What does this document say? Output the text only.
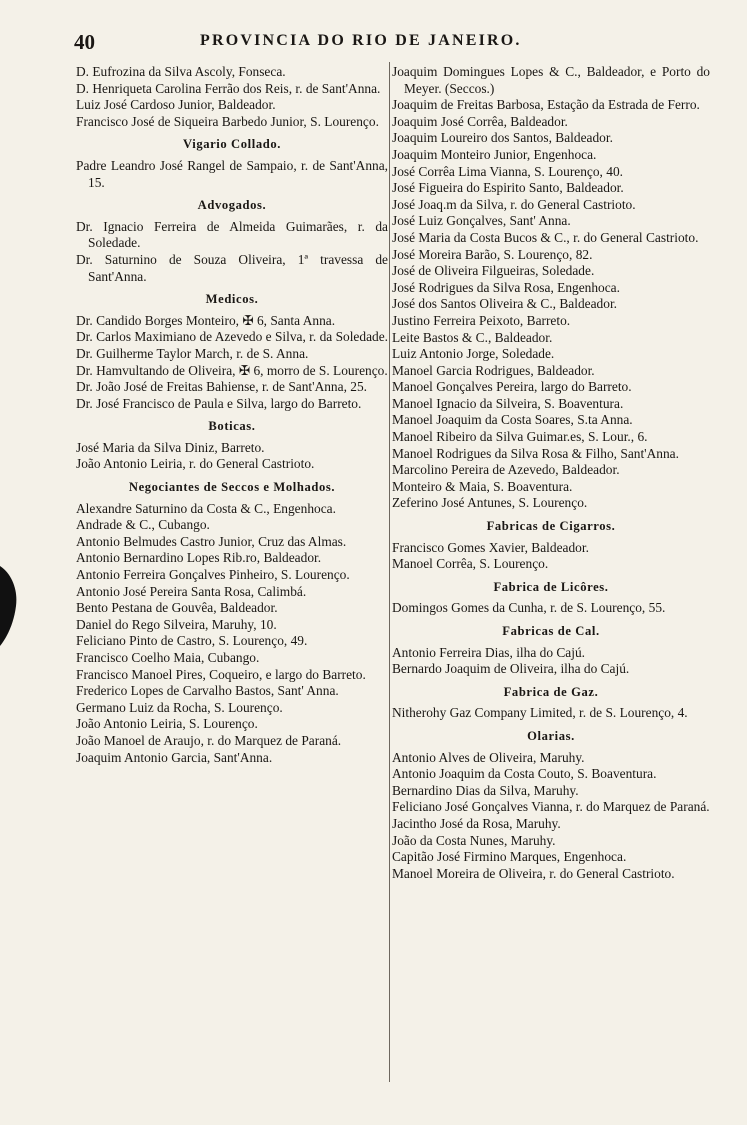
40	PROVINCIA DO RIO DE JANEIRO.
D. Eufrozina da Silva Ascoly, Fonseca.
D. Henriqueta Carolina Ferrão dos Reis, r. de Sant'Anna.
Luiz José Cardoso Junior, Baldeador.
Francisco José de Siqueira Barbedo Junior, S. Lourenço.
Vigario Collado.
Padre Leandro José Rangel de Sampaio, r. de Sant'Anna, 15.
Advogados.
Dr. Ignacio Ferreira de Almeida Guimarães, r. da Soledade.
Dr. Saturnino de Souza Oliveira, 1ª travessa de Sant'Anna.
Medicos.
Dr. Candido Borges Monteiro, ✠ 6, Santa Anna.
Dr. Carlos Maximiano de Azevedo e Silva, r. da Soledade.
Dr. Guilherme Taylor March, r. de S. Anna.
Dr. Hamvultando de Oliveira, ✠ 6, morro de S. Lourenço.
Dr. João José de Freitas Bahiense, r. de Sant'Anna, 25.
Dr. José Francisco de Paula e Silva, largo do Barreto.
Boticas.
José Maria da Silva Diniz, Barreto.
João Antonio Leiria, r. do General Castrioto.
Negociantes de Seccos e Molhados.
Alexandre Saturnino da Costa & C., Engenhoca.
Andrade & C., Cubango.
Antonio Belmudes Castro Junior, Cruz das Almas.
Antonio Bernardino Lopes Rib.ro, Baldeador.
Antonio Ferreira Gonçalves Pinheiro, S. Lourenço.
Antonio José Pereira Santa Rosa, Calimbá.
Bento Pestana de Gouvêa, Baldeador.
Daniel do Rego Silveira, Maruhy, 10.
Feliciano Pinto de Castro, S. Lourenço, 49.
Francisco Coelho Maia, Cubango.
Francisco Manoel Pires, Coqueiro, e largo do Barreto.
Frederico Lopes de Carvalho Bastos, Sant' Anna.
Germano Luiz da Rocha, S. Lourenço.
João Antonio Leiria, S. Lourenço.
João Manoel de Araujo, r. do Marquez de Paraná.
Joaquim Antonio Garcia, Sant'Anna.
Joaquim Domingues Lopes & C., Baldeador, e Porto do Meyer. (Seccos.)
Joaquim de Freitas Barbosa, Estação da Estrada de Ferro.
Joaquim José Corrêa, Baldeador.
Joaquim Loureiro dos Santos, Baldeador.
Joaquim Monteiro Junior, Engenhoca.
José Corrêa Lima Vianna, S. Lourenço, 40.
José Figueira do Espirito Santo, Baldeador.
José Joaq.m da Silva, r. do General Castrioto.
José Luiz Gonçalves, Sant' Anna.
José Maria da Costa Bucos & C., r. do General Castrioto.
José Moreira Barão, S. Lourenço, 82.
José de Oliveira Filgueiras, Soledade.
José Rodrigues da Silva Rosa, Engenhoca.
José dos Santos Oliveira & C., Baldeador.
Justino Ferreira Peixoto, Barreto.
Leite Bastos & C., Baldeador.
Luiz Antonio Jorge, Soledade.
Manoel Garcia Rodrigues, Baldeador.
Manoel Gonçalves Pereira, largo do Barreto.
Manoel Ignacio da Silveira, S. Boaventura.
Manoel Joaquim da Costa Soares, S.ta Anna.
Manoel Ribeiro da Silva Guimar.es, S. Lour., 6.
Manoel Rodrigues da Silva Rosa & Filho, Sant'Anna.
Marcolino Pereira de Azevedo, Baldeador.
Monteiro & Maia, S. Boaventura.
Zeferino José Antunes, S. Lourenço.
Fabricas de Cigarros.
Francisco Gomes Xavier, Baldeador.
Manoel Corrêa, S. Lourenço.
Fabrica de Licôres.
Domingos Gomes da Cunha, r. de S. Lourenço, 55.
Fabricas de Cal.
Antonio Ferreira Dias, ilha do Cajú.
Bernardo Joaquim de Oliveira, ilha do Cajú.
Fabrica de Gaz.
Nitherohy Gaz Company Limited, r. de S. Lourenço, 4.
Olarias.
Antonio Alves de Oliveira, Maruhy.
Antonio Joaquim da Costa Couto, S. Boaventura.
Bernardino Dias da Silva, Maruhy.
Feliciano José Gonçalves Vianna, r. do Marquez de Paraná.
Jacintho José da Rosa, Maruhy.
João da Costa Nunes, Maruhy.
Capitão José Firmino Marques, Engenhoca.
Manoel Moreira de Oliveira, r. do General Castrioto.
